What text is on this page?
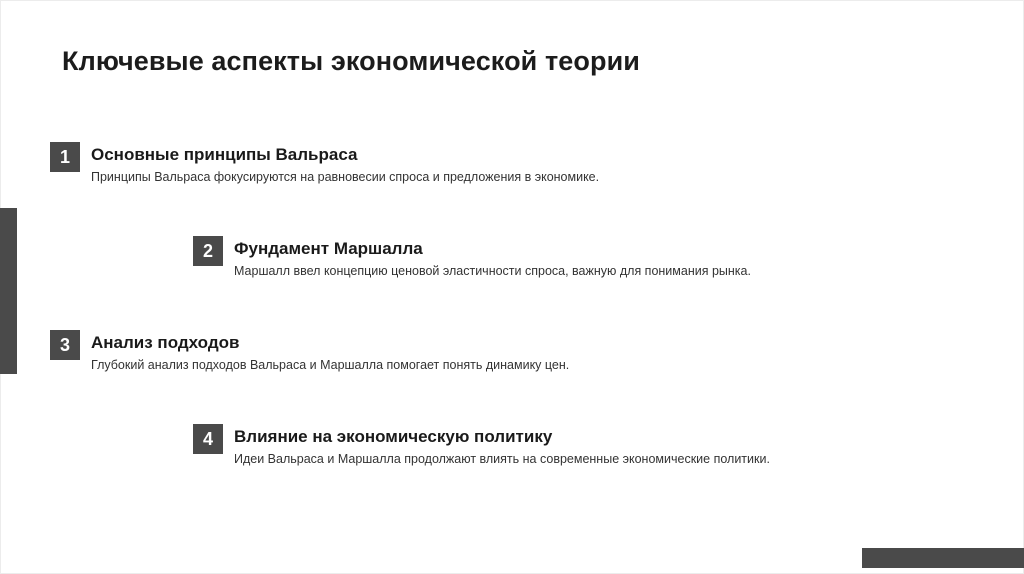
Ключевые аспекты экономической теории
1	Основные принципы Вальраса
Принципы Вальраса фокусируются на равновесии спроса и предложения в экономике.
2	Фундамент Маршалла
Маршалл ввел концепцию ценовой эластичности спроса, важную для понимания рынка.
3	Анализ подходов
Глубокий анализ подходов Вальраса и Маршалла помогает понять динамику цен.
4	Влияние на экономическую политику
Идеи Вальраса и Маршалла продолжают влиять на современные экономические политики.
